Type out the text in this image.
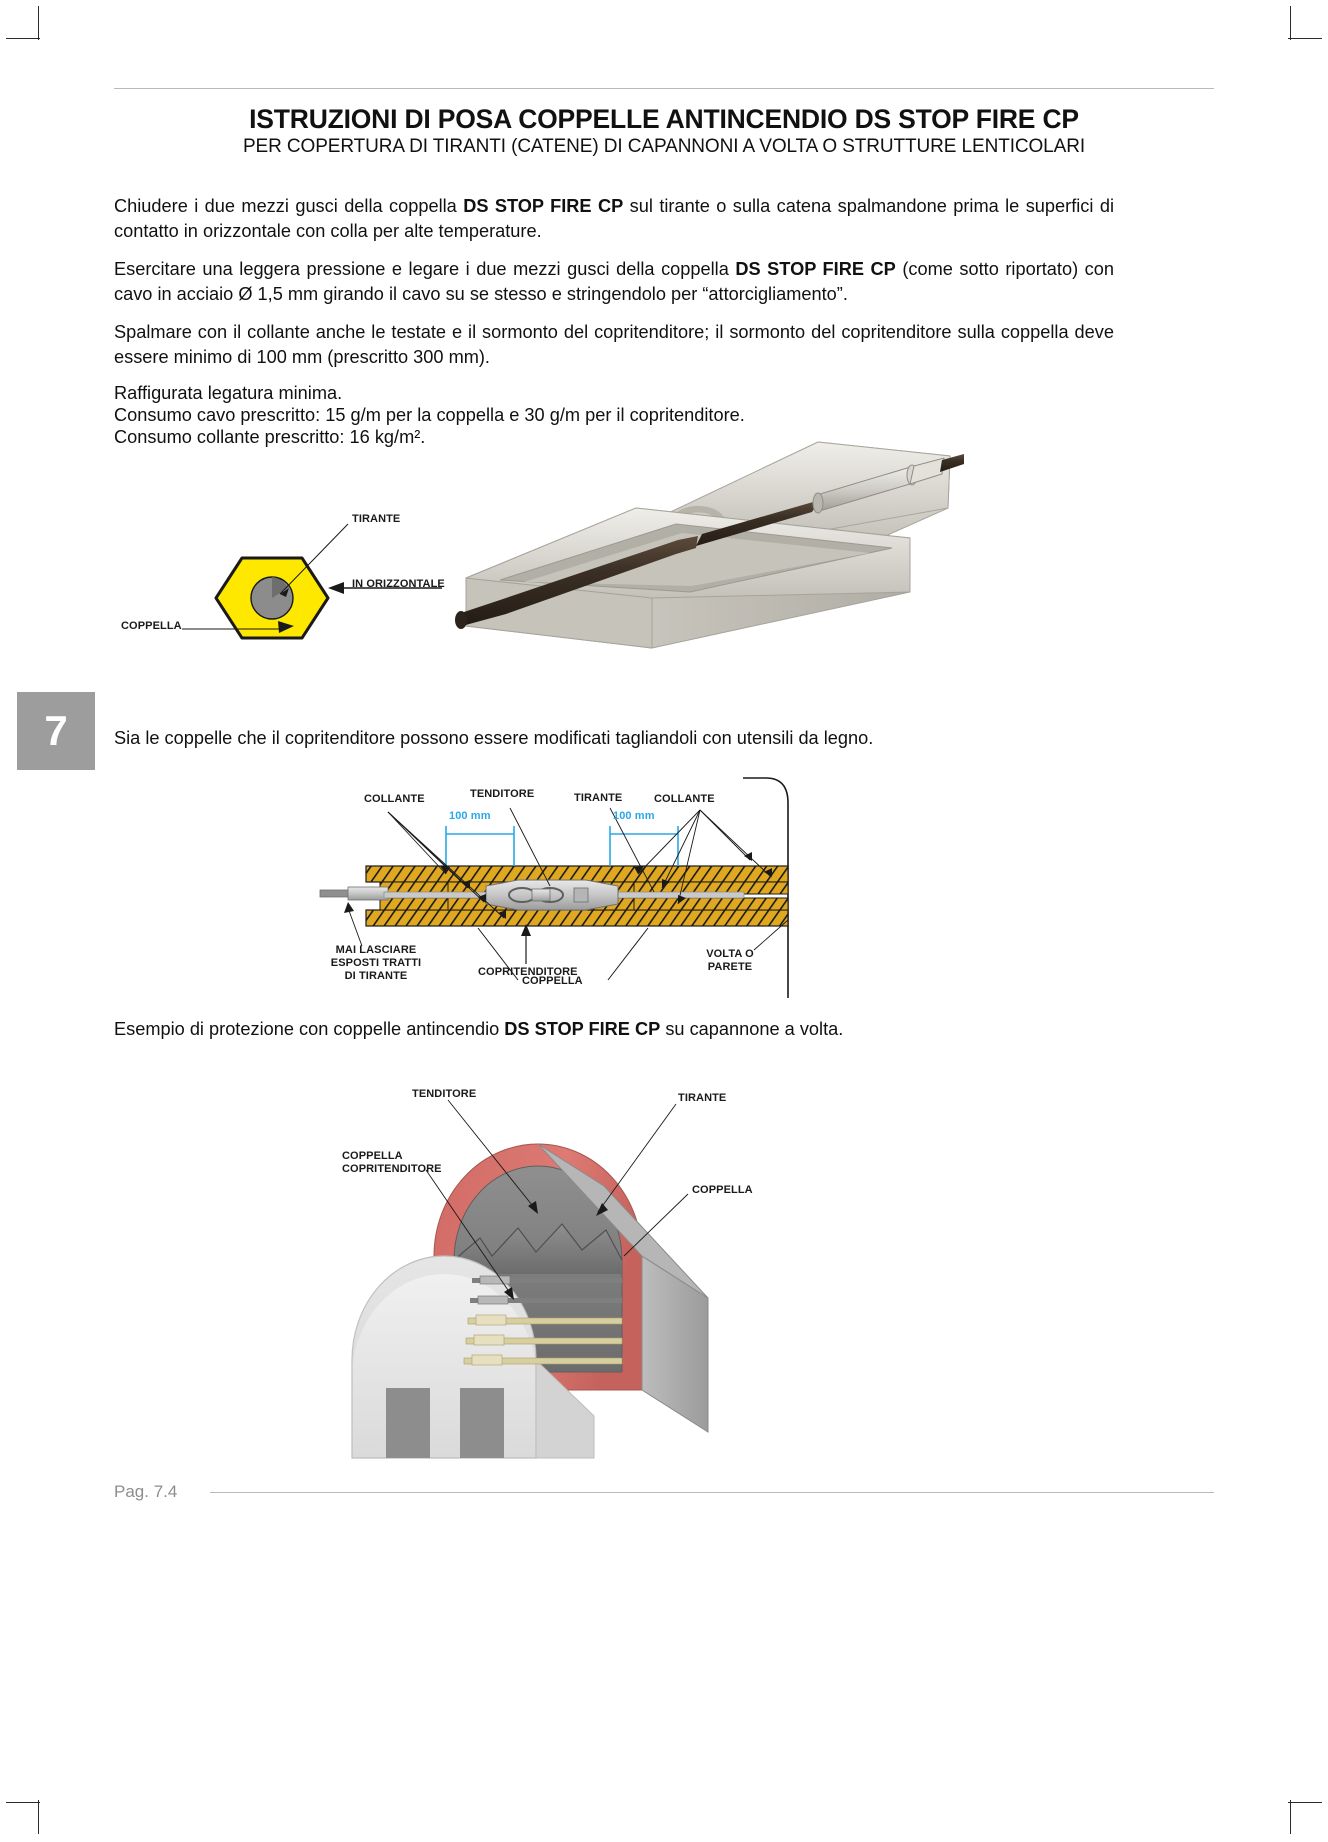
ISTRUZIONI DI POSA COPPELLE ANTINCENDIO DS STOP FIRE CP
PER COPERTURA DI TIRANTI (CATENE) DI CAPANNONI A VOLTA O STRUTTURE LENTICOLARI
Chiudere i due mezzi gusci della coppella DS STOP FIRE CP sul tirante o sulla catena spalmandone prima le superfici di contatto in orizzontale con colla per alte temperature.
Esercitare una leggera pressione e legare i due mezzi gusci della coppella DS STOP FIRE CP (come sotto riportato) con cavo in acciaio Ø 1,5 mm girando il cavo su se stesso e stringendolo per “attorcigliamento”.
Spalmare con il collante anche le testate e il sormonto del copritenditore; il sormonto del copritenditore sulla coppella deve essere minimo di 100 mm (prescritto 300 mm).
Raffigurata legatura minima.
Consumo cavo prescritto: 15 g/m per la coppella e 30 g/m per il copritenditore.
Consumo collante prescritto: 16 kg/m².
Sia le coppelle che il copritenditore possono essere modificati tagliandoli con utensili da legno.
Esempio di protezione con coppelle antincendio DS STOP FIRE CP su capannone a volta.
7
Pag. 7.4
TIRANTE
IN ORIZZONTALE
COPPELLA
COLLANTE	TENDITORE	TIRANTE	COLLANTE
100 mm	100 mm
MAI LASCIARE
ESPOSTI TRATTI
DI TIRANTE	COPRITENDITORE
COPPELLA
VOLTA O
PARETE
TENDITORE	TIRANTE
COPPELLA
COPRITENDITORE
COPPELLA
